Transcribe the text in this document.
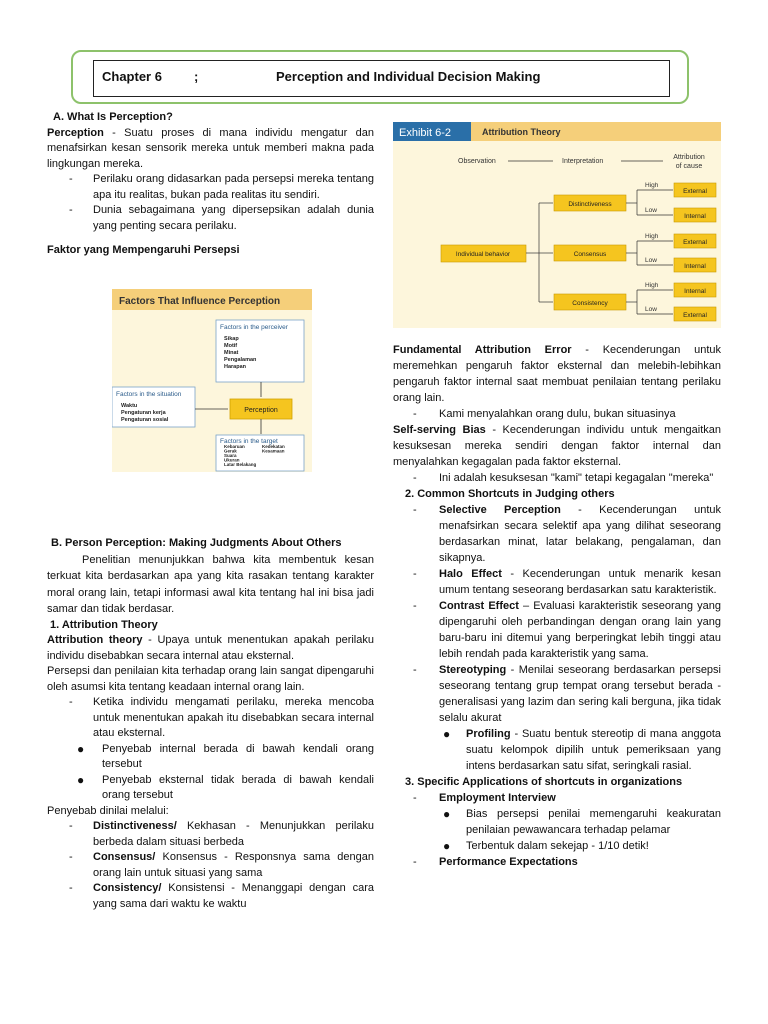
Chapter 6 ;	Perception and Individual Decision Making
A. What Is Perception?
Perception - Suatu proses di mana individu mengatur dan menafsirkan kesan sensorik mereka untuk memberi makna pada lingkungan mereka.
- Perilaku orang didasarkan pada persepsi mereka tentang apa itu realitas, bukan pada realitas itu sendiri.
- Dunia sebagaimana yang dipersepsikan adalah dunia yang penting secara perilaku.
Faktor yang Mempengaruhi Persepsi
Factors That Influence Perception
Factors in the perceiver
Sikap
Motif
Minat
Pengalaman
Harapan
Factors in the situation
Waktu
Pengaturan kerja
Pengaturan sosial
Perception
Factors in the target
Kebaruan
Gerak
Suara
Ukuran
Latar Belakang
Kedekatan
Kesamaan
B. Person Perception: Making Judgments About Others
Penelitian menunjukkan bahwa kita membentuk kesan terkuat kita berdasarkan apa yang kita rasakan tentang karakter moral orang lain, tetapi informasi awal kita tentang hal ini bisa jadi samar dan tidak berdasar.
1. Attribution Theory
Attribution theory - Upaya untuk menentukan apakah perilaku individu disebabkan secara internal atau eksternal.
Persepsi dan penilaian kita terhadap orang lain sangat dipengaruhi oleh asumsi kita tentang keadaan internal orang lain.
- Ketika individu mengamati perilaku, mereka mencoba untuk menentukan apakah itu disebabkan secara internal atau eksternal.
● Penyebab internal berada di bawah kendali orang tersebut
● Penyebab eksternal tidak berada di bawah kendali orang tersebut
Penyebab dinilai melalui:
- Distinctiveness/ Kekhasan - Menunjukkan perilaku berbeda dalam situasi berbeda
- Consensus/ Konsensus - Responsnya sama dengan orang lain untuk situasi yang sama
- Consistency/ Konsistensi - Menanggapi dengan cara yang sama dari waktu ke waktu
Exhibit 6-2	Attribution Theory
Observation	Interpretation
Attribution
of cause
Individual behavior
Distinctiveness
High
Low
External
Internal
Consensus
High
Low
External
Internal
Consistency
High
Low
Internal
External
Fundamental Attribution Error - Kecenderungan untuk meremehkan pengaruh faktor eksternal dan melebih-lebihkan pengaruh faktor internal saat membuat penilaian tentang perilaku orang lain.
- Kami menyalahkan orang dulu, bukan situasinya
Self-serving Bias - Kecenderungan individu untuk mengaitkan kesuksesan mereka sendiri dengan faktor internal dan menyalahkan kegagalan pada faktor eksternal.
- Ini adalah kesuksesan "kami" tetapi kegagalan "mereka"
2. Common Shortcuts in Judging others
- Selective Perception - Kecenderungan untuk menafsirkan secara selektif apa yang dilihat seseorang berdasarkan minat, latar belakang, pengalaman, dan sikapnya.
- Halo Effect - Kecenderungan untuk menarik kesan umum tentang seseorang berdasarkan satu karakteristik.
- Contrast Effect – Evaluasi karakteristik seseorang yang dipengaruhi oleh perbandingan dengan orang lain yang baru-baru ini ditemui yang berperingkat lebih tinggi atau lebih rendah pada karakteristik yang sama.
- Stereotyping - Menilai seseorang berdasarkan persepsi seseorang tentang grup tempat orang tersebut berada - generalisasi yang lazim dan sering kali berguna, jika tidak selalu akurat
● Profiling - Suatu bentuk stereotip di mana anggota suatu kelompok dipilih untuk pemeriksaan yang intens berdasarkan satu sifat, seringkali rasial.
3. Specific Applications of shortcuts in organizations
- Employment Interview
● Bias persepsi penilai memengaruhi keakuratan penilaian pewawancara terhadap pelamar
● Terbentuk dalam sekejap - 1/10 detik!
- Performance Expectations
